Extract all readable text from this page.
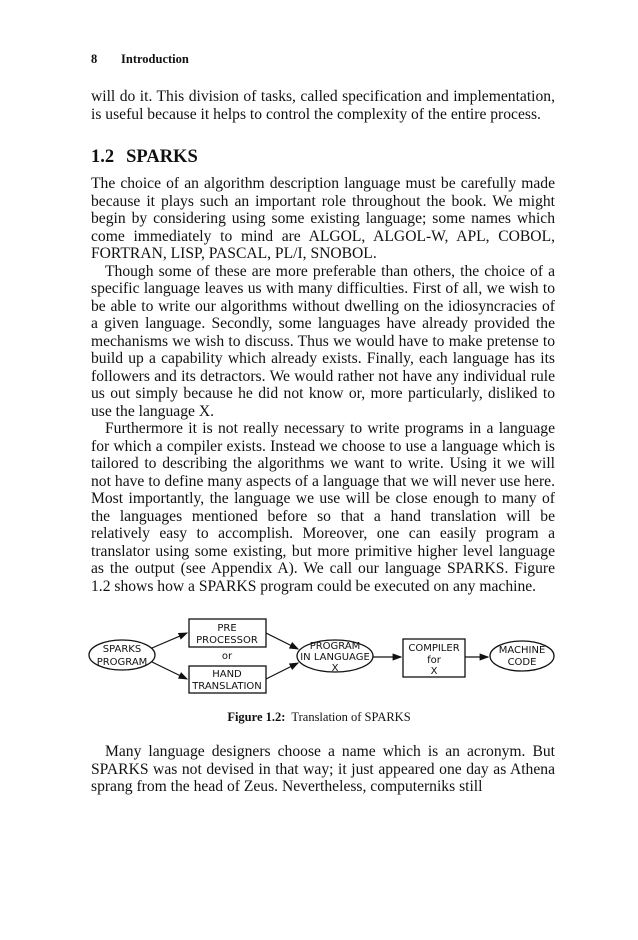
8 Introduction

will do it. This division of tasks, called specification and implementation, is useful because it helps to control the complexity of the entire process.

1.2 SPARKS

The choice of an algorithm description language must be carefully made because it plays such an important role throughout the book. We might begin by considering using some existing language; some names which come immediately to mind are ALGOL, ALGOL-W, APL, COBOL, FORTRAN, LISP, PASCAL, PL/I, SNOBOL.

Though some of these are more preferable than others, the choice of a specific language leaves us with many difficulties. First of all, we wish to be able to write our algorithms without dwelling on the idiosyncracies of a given language. Secondly, some languages have already provided the mechanisms we wish to discuss. Thus we would have to make pretense to build up a capability which already exists. Finally, each language has its followers and its detractors. We would rather not have any individual rule us out simply because he did not know or, more particularly, disliked to use the language X.

Furthermore it is not really necessary to write programs in a language for which a compiler exists. Instead we choose to use a language which is tailored to describing the algorithms we want to write. Using it we will not have to define many aspects of a language that we will never use here. Most importantly, the language we use will be close enough to many of the languages mentioned before so that a hand translation will be relatively easy to accomplish. Moreover, one can easily program a translator using some existing, but more primitive higher level language as the output (see Appendix A). We call our language SPARKS. Figure 1.2 shows how a SPARKS program could be executed on any machine.

SPARKS
PROGRAM
PRE
PROCESSOR
or
HAND
TRANSLATION
PROGRAM
IN LANGUAGE
X
COMPILER
for
X
MACHINE
CODE
Figure 1.2: Translation of SPARKS

Many language designers choose a name which is an acronym. But SPARKS was not devised in that way; it just appeared one day as Athena sprang from the head of Zeus. Nevertheless, computerniks still
